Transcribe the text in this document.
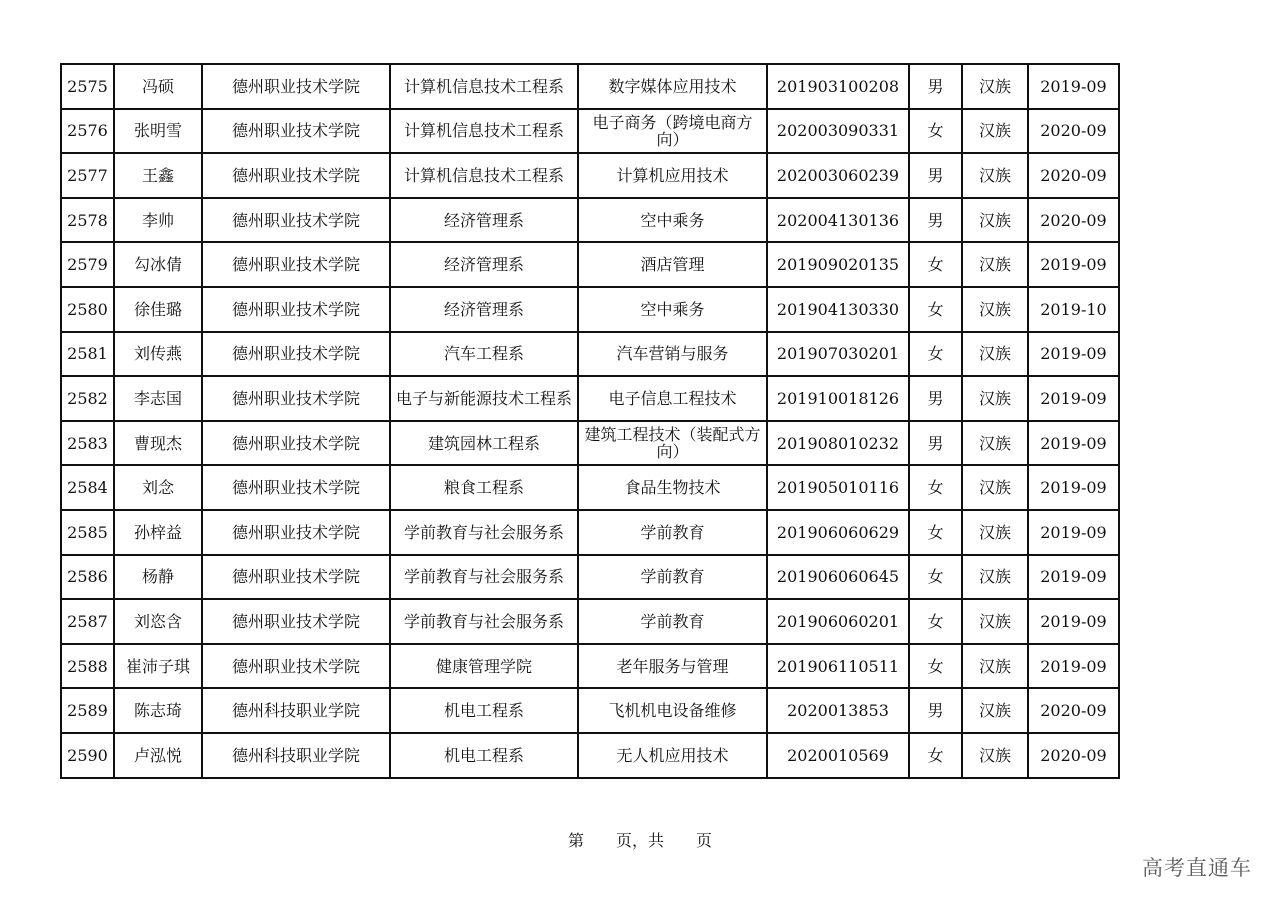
2575	冯硕	德州职业技术学院	计算机信息技术工程系	数字媒体应用技术	201903100208	男	汉族	2019-09
2576	张明雪	德州职业技术学院	计算机信息技术工程系	电子商务（跨境电商方向）	202003090331	女	汉族	2020-09
2577	王鑫	德州职业技术学院	计算机信息技术工程系	计算机应用技术	202003060239	男	汉族	2020-09
2578	李帅	德州职业技术学院	经济管理系	空中乘务	202004130136	男	汉族	2020-09
2579	勾冰倩	德州职业技术学院	经济管理系	酒店管理	201909020135	女	汉族	2019-09
2580	徐佳璐	德州职业技术学院	经济管理系	空中乘务	201904130330	女	汉族	2019-10
2581	刘传燕	德州职业技术学院	汽车工程系	汽车营销与服务	201907030201	女	汉族	2019-09
2582	李志国	德州职业技术学院	电子与新能源技术工程系	电子信息工程技术	201910018126	男	汉族	2019-09
2583	曹现杰	德州职业技术学院	建筑园林工程系	建筑工程技术（装配式方向）	201908010232	男	汉族	2019-09
2584	刘念	德州职业技术学院	粮食工程系	食品生物技术	201905010116	女	汉族	2019-09
2585	孙梓益	德州职业技术学院	学前教育与社会服务系	学前教育	201906060629	女	汉族	2019-09
2586	杨静	德州职业技术学院	学前教育与社会服务系	学前教育	201906060645	女	汉族	2019-09
2587	刘恣含	德州职业技术学院	学前教育与社会服务系	学前教育	201906060201	女	汉族	2019-09
2588	崔沛子琪	德州职业技术学院	健康管理学院	老年服务与管理	201906110511	女	汉族	2019-09
2589	陈志琦	德州科技职业学院	机电工程系	飞机机电设备维修	2020013853	男	汉族	2020-09
2590	卢泓悦	德州科技职业学院	机电工程系	无人机应用技术	2020010569	女	汉族	2020-09
第　　页，共　　页
高考直通车
